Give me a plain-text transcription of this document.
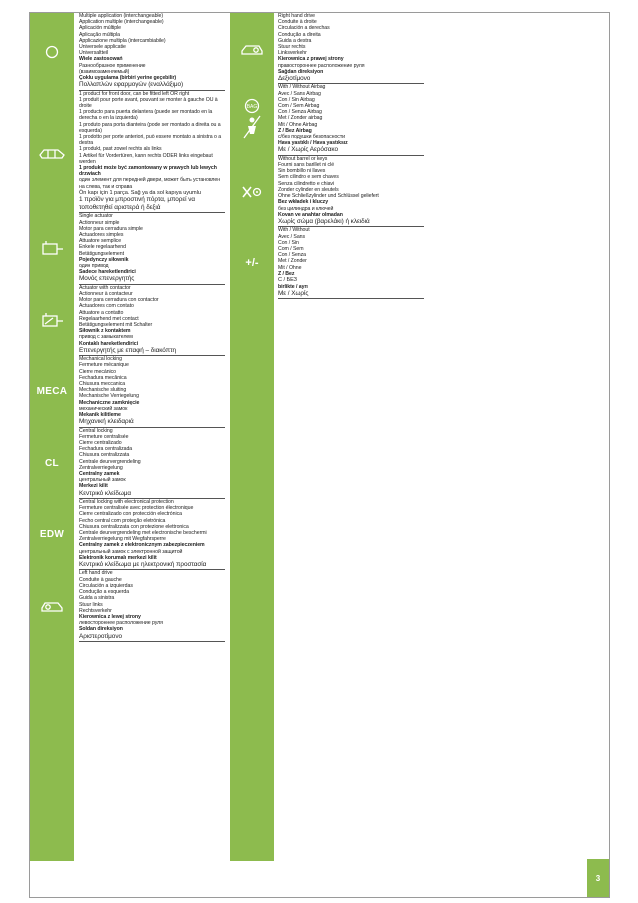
Multiple application (interchangeable)
Application multiple (interchangeable)
Aplicación múltiple
Aplicação múltipla
Applicazione multipla (intercambiabile)
Universele applicatie
Universaltteil
Wiele zastosowań
Разнообразное применение
(взаимозаменяемый)
Çoklu uygulama (birbiri yerine geçebilir)
Πολλαπλών εφαρμογών (εναλλάξιμο)
1 product for front door, can be fitted left OR right
1 produit pour porte avant, pouvant se monter à gauche OU à droite
1 producto para puerta delantera (puede ser montado en la derecha o en la izquierda)
1 produto para porta dianteira (pode ser montado a direita ou a esquerda)
1 prodotto per porte anteriori, può essere montato a sinistra o a destra
1 produkt, past zowel rechts als links
1 Artikel für Vordertüren, kann rechts ODER links eingebaut werden
1 produkt może być zamontowany w prawych lub lewych drzwiach
один элемент для передней двери, может быть установлен на слева, так и справа
Ön kapı için 1 parça. Sağ ya da sol kapıya uyumlu
1 προϊόν για μπροστινή πόρτα, μπορεί να τοποθετηθεί αριστερά ή δεξιά
Single actuator
Actionneur simple
Motor para cerradura simple
Actuadores simples
Attuatore semplice
Enkele regelaarhend
Betätigungselement
Pojedynczy siłownik
один привод
Sadece hareketlendirici
Μονός επενεργητής
Actuator with contactor
Actionneur à contacteur
Motor para cerradura con contactor
Actuadores com contato
Attuatore a contatto
Regelaarhend met contact
Betätigungselement mit Schalter
Siłownik z kontaktem
привод с замыкателем
Kontaklı hareketlendirici
Επενεργητής με επαφή – διακόπτη
Mechanical locking
Fermeture mécanique
Cierre mecánico
Fechadura mecânica
Chiusura meccanica
Mechanische sluiting
Mechanische Verriegelung
Mechaniczne zamknięcie
механический замок
Mekanik kilitleme
Μηχανική κλειδαριά
Central locking
Fermeture centralisée
Cierre centralizado
Fechadura centralizada
Chiusura centralizzata
Centrale deurvergrendeling
Zentralverriegelung
Centralny zamek
центральный замок
Merkezi kilit
Κεντρικό κλείδωμα
Central locking with electronical protection
Fermeture centralisée avec protection électronique
Cierre centralizado con protección electrónica
Fecho central com proteção eletrónica
Chiusura centralizzata con protezione elettronica
Centrale deurvergrendeling met electronische beschermi
Zentralverriegelung mit Wegfahrsperre
Centralny zamek z elektronicznym zabezpieczeniem
центральный замок с электронной защитой
Elektronik korumalı merkezi kilit
Κεντρικό κλείδωμα με ηλεκτρονική προστασία
Left hand drive
Conduite à gauche
Circulación a izquierdas
Condução a esquerda
Guida a sinistra
Stuur links
Rechtsverkehr
Kierownica z lewej strony
левостороннее расположение руля
Soldan direksiyon
Αριστεροτίμονο
Right hand drive
Conduite à droite
Circulación a derechas
Condução a direita
Guida a destra
Stuur rechts
Linksverkehr
Kierownica z prawej strony
правостороннее расположение руля
Sağdan direksiyon
Δεξιοτίμονο
With / Without Airbag
Avec / Sans Airbag
Con / Sin Airbag
Com / Sem Airbag
Con / Senza Airbag
Met / Zonder airbag
Mit / Ohne Airbag
Z / Bez Airbag
с/без подушки безопасности
Hava yastıklı / Hava yastıksız
Με / Χωρίς Αερόσακο
Without barrel or keys
Fourni sans barillet ni clé
Sin bombillo ni llaves
Sem cilindro e sem chaves
Senza cilindretto e chiavi
Zonder cylinder en sleutels
Ohne Schließzylinder und Schlüssel geliefert
Bez wkładek i kluczy
без цилиндра и ключей
Kovan ve anahtar olmadan
Χωρίς σώμα (βαρελάκι) ή κλειδιά
With / Without
Avec / Sans
Con / Sin
Com / Sem
Con / Senza
Met / Zonder
Mit / Ohne
Z / Bez
С / БЕЗ
birlikte / ayrı
Με / Χωρίς
MECA
CL
EDW
BAG
+/-
3
